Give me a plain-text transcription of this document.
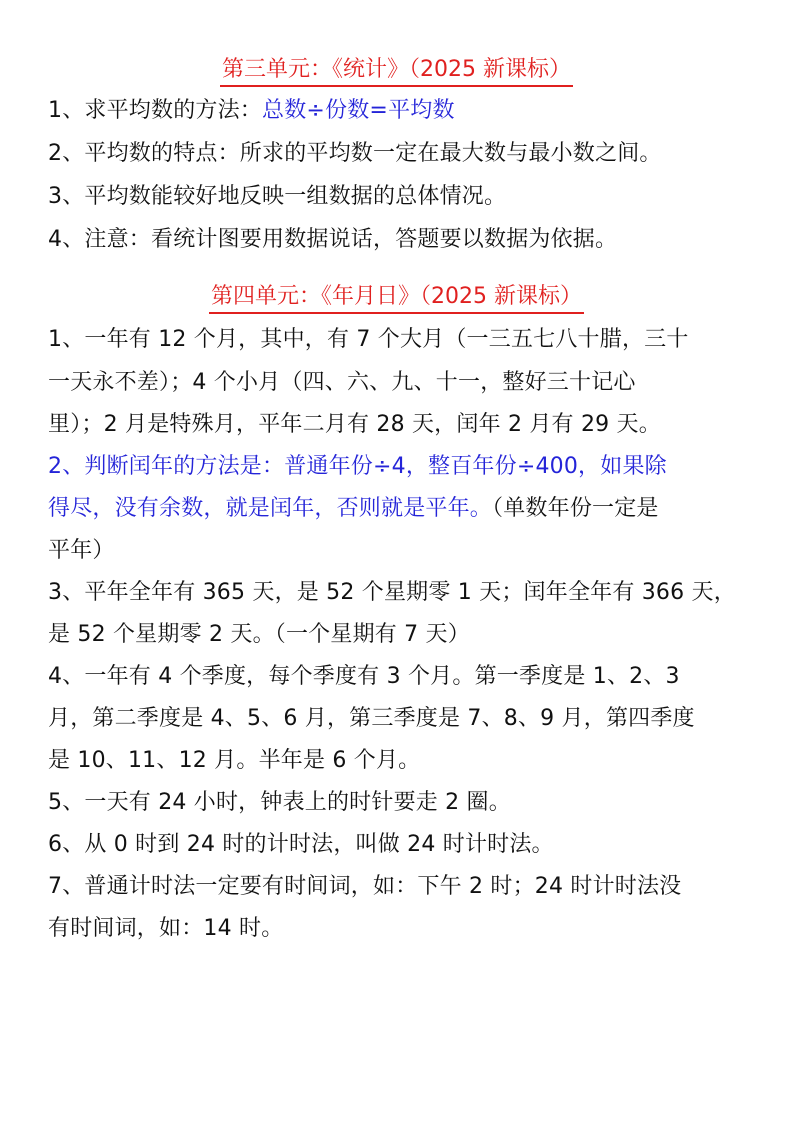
第三单元：《统计》（2025 新课标）
1、求平均数的方法：总数÷份数=平均数
2、平均数的特点：所求的平均数一定在最大数与最小数之间。
3、平均数能较好地反映一组数据的总体情况。
4、注意：看统计图要用数据说话，答题要以数据为依据。
第四单元：《年月日》（2025 新课标）
1、一年有 12 个月，其中，有 7 个大月（一三五七八十腊，三十
一天永不差）；4 个小月（四、六、九、十一，整好三十记心
里）；2 月是特殊月，平年二月有 28 天，闰年 2 月有 29 天。
2、判断闰年的方法是：普通年份÷4，整百年份÷400，如果除
得尽，没有余数，就是闰年，否则就是平年。（单数年份一定是
平年）
3、平年全年有 365 天，是 52 个星期零 1 天；闰年全年有 366 天，
是 52 个星期零 2 天。（一个星期有 7 天）
4、一年有 4 个季度，每个季度有 3 个月。第一季度是 1、2、3
月，第二季度是 4、5、6 月，第三季度是 7、8、9 月，第四季度
是 10、11、12 月。半年是 6 个月。
5、一天有 24 小时，钟表上的时针要走 2 圈。
6、从 0 时到 24 时的计时法，叫做 24 时计时法。
7、普通计时法一定要有时间词，如：下午 2 时；24 时计时法没
有时间词，如：14 时。
